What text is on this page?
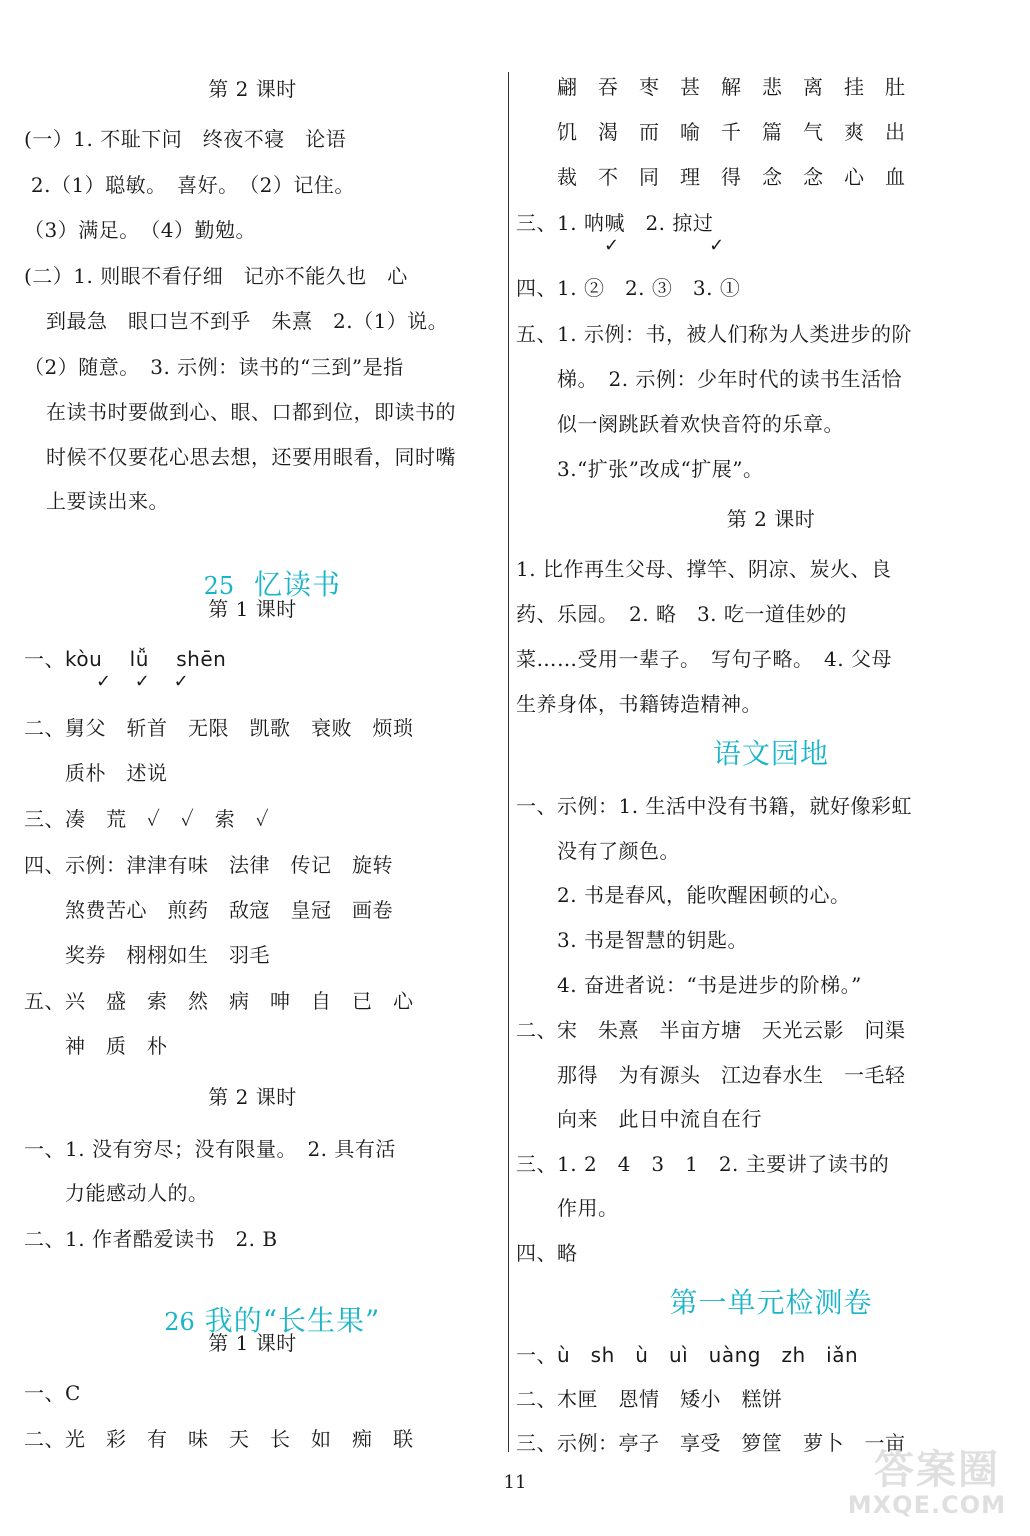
第 2 课时
(一）1. 不耻下问　终夜不寝　论语
2.（1）聪敏。　喜好。　（2）记住。
（3）满足。　（4）勤勉。
(二）1. 则眼不看仔细　记亦不能久也　心
到最急　眼口岂不到乎　朱熹　2.（1）说。
（2）随意。　3. 示例：读书的“三到”是指
在读书时要做到心、眼、口都到位，即读书的
时候不仅要花心思去想，还要用眼看，同时嘴
上要读出来。

25 忆读书

第 1 课时
一、kòu　 lǚ　 shēn
✓　 ✓　 ✓
二、舅父　斩首　无限　凯歌　衰败　烦琐
　　质朴　述说
三、凑　荒　✓　✓　索　✓
四、示例：津津有味　法律　传记　旋转
　　煞费苦心　煎药　敌寇　皇冠　画卷
　　奖券　栩栩如生　羽毛
五、兴　盛　索　然　病　呻　自　已　心
　　神　质　朴
第 2 课时
一、1. 没有穷尽；没有限量。　2. 具有活
　　力能感动人的。
二、1. 作者酷爱读书　2. B

26 我的“长生果”

第 1 课时
一、C
二、光　彩　有　味　天　长　如　痴　联
　　翩　吞　枣　甚　解　悲　离　挂　肚
　　饥　渴　而　喻　千　篇　气　爽　出
　　裁　不　同　理　得　念　念　心　血
三、1. 呐喊　2. 掠过
✓　　　　　✓
四、1. ②　2. ③　3. ①
五、1. 示例：书，被人们称为人类进步的阶
　　梯。　2. 示例：少年时代的读书生活恰
　　似一阕跳跃着欢快音符的乐章。
　　3.“扩张”改成“扩展”。
第 2 课时
1. 比作再生父母、撑竿、阴凉、炭火、良
药、乐园。　2. 略　3. 吃一道佳妙的
菜……受用一辈子。　写句子略。　4. 父母
生养身体，书籍铸造精神。
语文园地
一、示例：1. 生活中没有书籍，就好像彩虹
　　没有了颜色。
　　2. 书是春风，能吹醒困顿的心。
　　3. 书是智慧的钥匙。
　　4. 奋进者说：“书是进步的阶梯。”
二、宋　朱熹　半亩方塘　天光云影　问渠
　　那得　为有源头　江边春水生　一毛轻
　　向来　此日中流自在行
三、1. 2　4　3　1　2. 主要讲了读书的
　　作用。
四、略
第一单元检测卷
一、ù　sh　ù　uì　uàng　zh　iǎn
二、木匣　恩情　矮小　糕饼
三、示例：亭子　享受　箩筐　萝卜　一亩
11	答案圈
MXQE.COM
